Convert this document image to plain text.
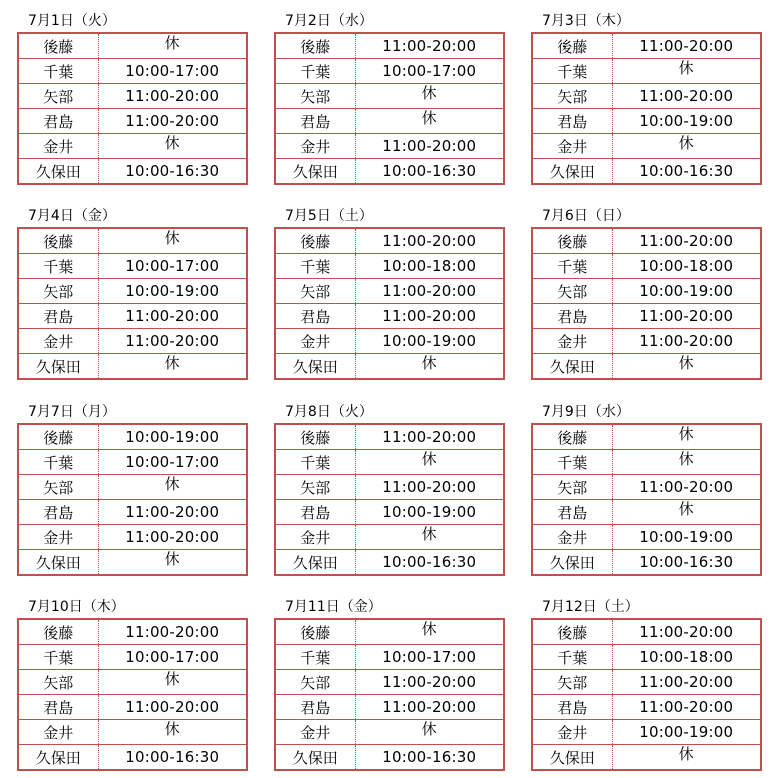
7月1日（火）
後藤	休
千葉	10:00-17:00
矢部	11:00-20:00
君島	11:00-20:00
金井	休
久保田	10:00-16:30
7月2日（水）
後藤	11:00-20:00
千葉	10:00-17:00
矢部	休
君島	休
金井	11:00-20:00
久保田	10:00-16:30
7月3日（木）
後藤	11:00-20:00
千葉	休
矢部	11:00-20:00
君島	10:00-19:00
金井	休
久保田	10:00-16:30
7月4日（金）
後藤	休
千葉	10:00-17:00
矢部	10:00-19:00
君島	11:00-20:00
金井	11:00-20:00
久保田	休
7月5日（土）
後藤	11:00-20:00
千葉	10:00-18:00
矢部	11:00-20:00
君島	11:00-20:00
金井	10:00-19:00
久保田	休
7月6日（日）
後藤	11:00-20:00
千葉	10:00-18:00
矢部	10:00-19:00
君島	11:00-20:00
金井	11:00-20:00
久保田	休
7月7日（月）
後藤	10:00-19:00
千葉	10:00-17:00
矢部	休
君島	11:00-20:00
金井	11:00-20:00
久保田	休
7月8日（火）
後藤	11:00-20:00
千葉	休
矢部	11:00-20:00
君島	10:00-19:00
金井	休
久保田	10:00-16:30
7月9日（水）
後藤	休
千葉	休
矢部	11:00-20:00
君島	休
金井	10:00-19:00
久保田	10:00-16:30
7月10日（木）
後藤	11:00-20:00
千葉	10:00-17:00
矢部	休
君島	11:00-20:00
金井	休
久保田	10:00-16:30
7月11日（金）
後藤	休
千葉	10:00-17:00
矢部	11:00-20:00
君島	11:00-20:00
金井	休
久保田	10:00-16:30
7月12日（土）
後藤	11:00-20:00
千葉	10:00-18:00
矢部	11:00-20:00
君島	11:00-20:00
金井	10:00-19:00
久保田	休
